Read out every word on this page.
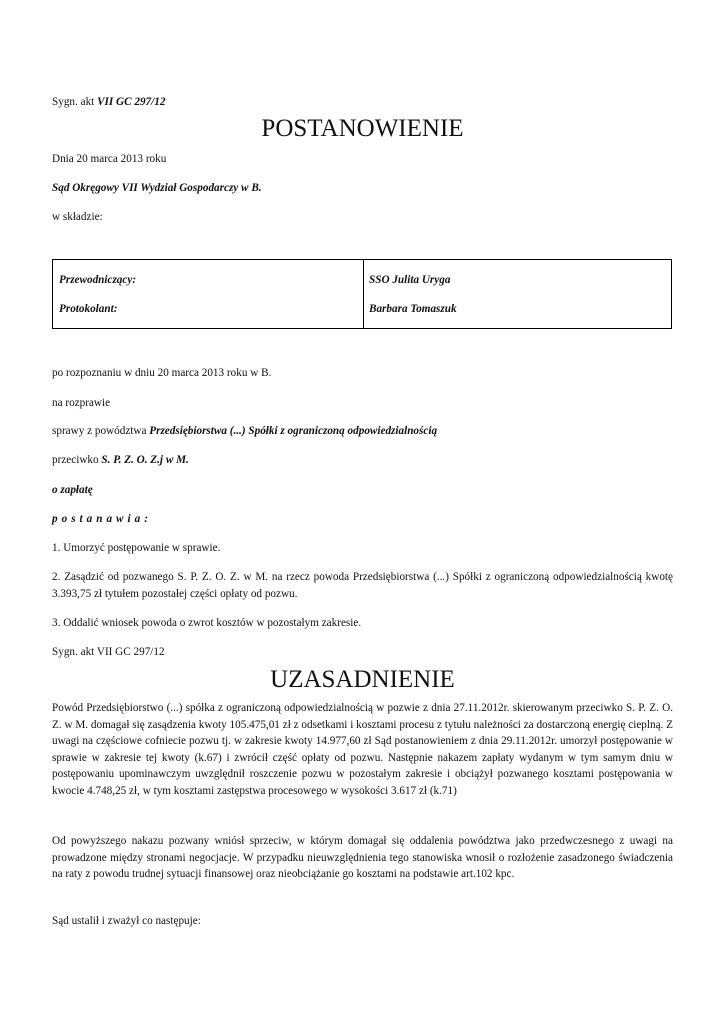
Sygn. akt VII GC 297/12
POSTANOWIENIE
Dnia 20 marca 2013 roku
Sąd Okręgowy VII Wydział Gospodarczy w B.
w składzie:
Przewodniczący:	SSO Julita Uryga
Protokolant:	Barbara Tomaszuk
po rozpoznaniu w dniu 20 marca 2013 roku w B.
na rozprawie
sprawy z powództwa Przedsiębiorstwa (...) Spółki z ograniczoną odpowiedzialnością
przeciwko S. P. Z. O. Z.j w M.
o zapłatę
postanawia:
1. Umorzyć postępowanie w sprawie.
2. Zasądzić od pozwanego S. P. Z. O. Z. w M. na rzecz powoda Przedsiębiorstwa (...) Spółki z ograniczoną odpowiedzialnością kwotę 3.393,75 zł tytułem pozostałej części opłaty od pozwu.
3. Oddalić wniosek powoda o zwrot kosztów w pozostałym zakresie.
Sygn. akt VII GC 297/12
UZASADNIENIE
Powód Przedsiębiorstwo (...) spółka z ograniczoną odpowiedzialnością w pozwie z dnia 27.11.2012r. skierowanym przeciwko S. P. Z. O. Z. w M. domagał się zasądzenia kwoty 105.475,01 zł z odsetkami i kosztami procesu z tytułu należności za dostarczoną energię cieplną. Z uwagi na częściowe cofniecie pozwu tj. w zakresie kwoty 14.977,60 zł Sąd postanowieniem z dnia 29.11.2012r. umorzył postępowanie w sprawie w zakresie tej kwoty (k.67) i zwrócił część opłaty od pozwu. Następnie nakazem zapłaty wydanym w tym samym dniu w postępowaniu upominawczym uwzględnił roszczenie pozwu w pozostałym zakresie i obciążył pozwanego kosztami postępowania w kwocie 4.748,25 zł, w tym kosztami zastępstwa procesowego w wysokości 3.617 zł (k.71)
Od powyższego nakazu pozwany wniósł sprzeciw, w którym domagał się oddalenia powództwa jako przedwczesnego z uwagi na prowadzone między stronami negocjacje. W przypadku nieuwzględnienia tego stanowiska wnosił o rozłożenie zasadzonego świadczenia na raty z powodu trudnej sytuacji finansowej oraz nieobciążanie go kosztami na podstawie art.102 kpc.
Sąd ustalił i zważył co następuje:
